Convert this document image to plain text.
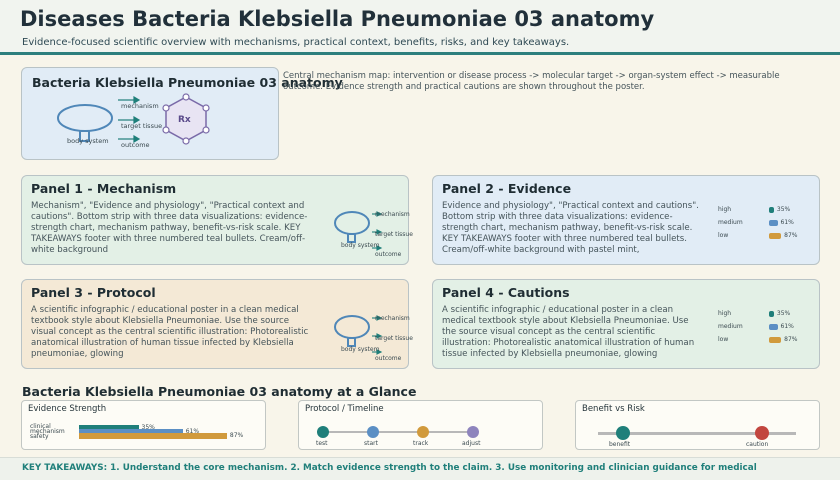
Diseases Bacteria Klebsiella Pneumoniae 03 anatomy
Evidence-focused scientific overview with mechanisms, practical context, benefits, risks, and key takeaways.
Bacteria Klebsiella Pneumoniae 03 anatomy
Central mechanism map: intervention or disease process -> molecular target -> organ-system effect -> measurable outcome. Evidence strength and practical cautions are shown throughout the poster.
mechanism
target tissue
outcome
body system
Rx
Panel 1 - Mechanism
Mechanism", "Evidence and physiology", "Practical context and cautions". Bottom strip with three data visualizations: evidence-strength chart, mechanism pathway, benefit-vs-risk scale. KEY TAKEAWAYS footer with three numbered teal bullets. Cream/off-white background
mechanism
target tissue
outcome
body system
Panel 2 - Evidence
Evidence and physiology", "Practical context and cautions". Bottom strip with three data visualizations: evidence-strength chart, mechanism pathway, benefit-vs-risk scale. KEY TAKEAWAYS footer with three numbered teal bullets. Cream/off-white background with pastel mint,
high
medium
low
35%
61%
87%
Panel 3 - Protocol
A scientific infographic / educational poster in a clean medical textbook style about Klebsiella Pneumoniae. Use the source visual concept as the central scientific illustration: Photorealistic anatomical illustration of human tissue infected by Klebsiella pneumoniae, glowing
mechanism
target tissue
outcome
body system
Panel 4 - Cautions
A scientific infographic / educational poster in a clean medical textbook style about Klebsiella Pneumoniae. Use the source visual concept as the central scientific illustration: Photorealistic anatomical illustration of human tissue infected by Klebsiella pneumoniae, glowing
high
medium
low
35%
61%
87%
Bacteria Klebsiella Pneumoniae 03 anatomy at a Glance
Evidence Strength
clinical
mechanism
safety
35%
61%
87%
Protocol / Timeline
test	start	track	adjust
Benefit vs Risk
benefit	caution
KEY TAKEAWAYS: 1. Understand the core mechanism. 2. Match evidence strength to the claim. 3. Use monitoring and clinician guidance for medical
